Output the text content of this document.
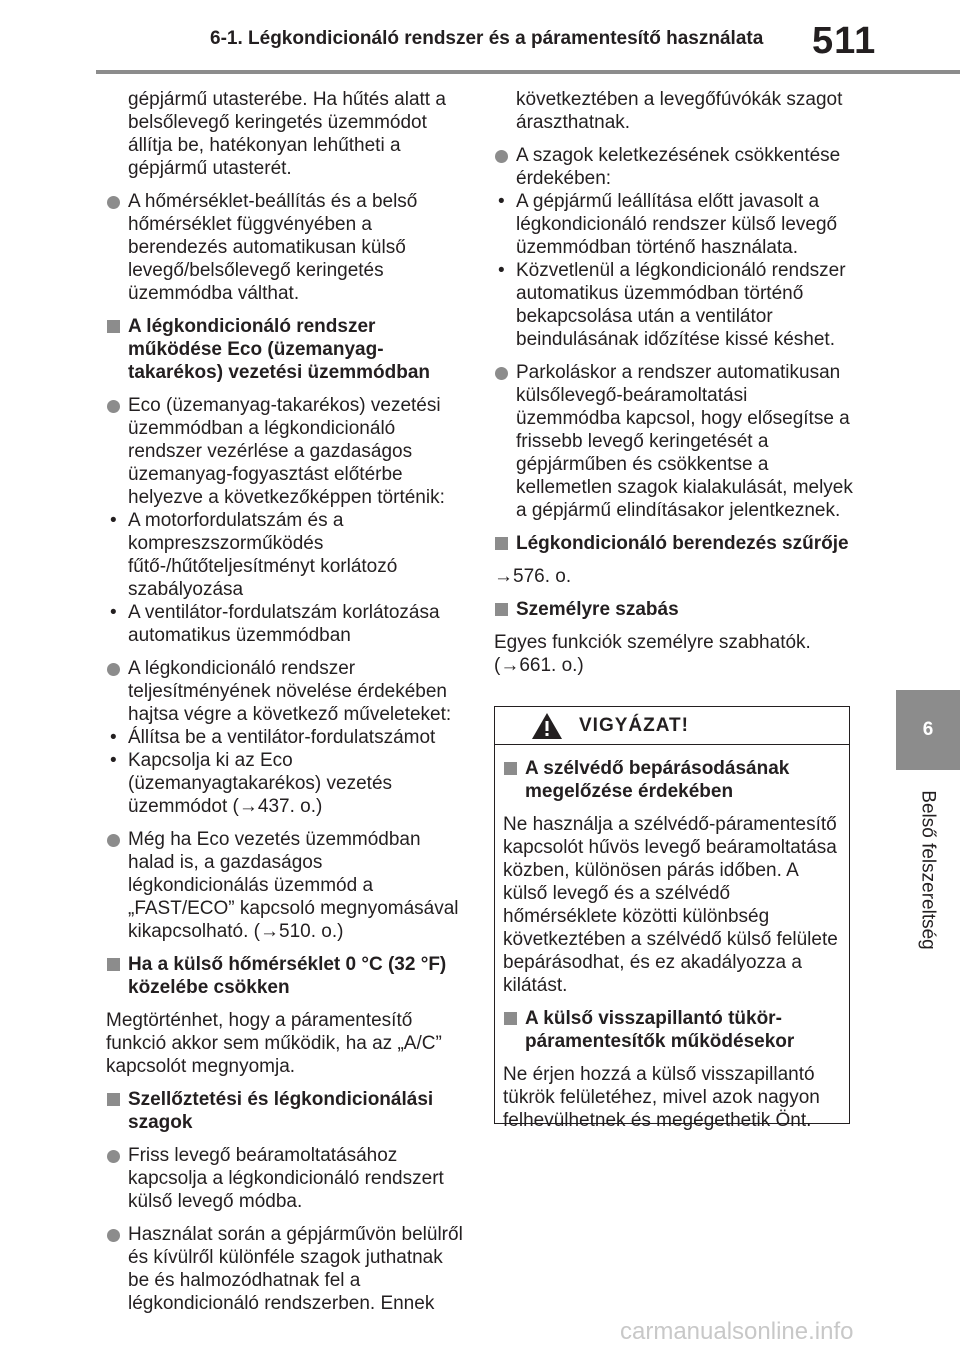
6-1. Légkondicionáló rendszer és a páramentesítő használata 511
6
Belső felszereltség

gépjármű utasterébe. Ha hűtés alatt a belsőlevegő keringetés üzemmódot állítja be, hatékonyan lehűtheti a gépjármű utasterét.

A hőmérséklet-beállítás és a belső hőmérséklet függvényében a berendezés automatikusan külső levegő/belsőlevegő keringetés üzemmódba válthat.

A légkondicionáló rendszer működése Eco (üzemanyag-takarékos) vezetési üzemmódban

Eco (üzemanyag-takarékos) vezetési üzemmódban a légkondicionáló rendszer vezérlése a gazdaságos üzemanyag-fogyasztást előtérbe helyezve a következőképpen történik:

• A motorfordulatszám és a kompreszszorműködés fűtő-/hűtőteljesítményt korlátozó szabályozása
• A ventilátor-fordulatszám korlátozása automatikus üzemmódban

A légkondicionáló rendszer teljesítményének növelése érdekében hajtsa végre a következő műveleteket:

• Állítsa be a ventilátor-fordulatszámot
• Kapcsolja ki az Eco (üzemanyagtakarékos) vezetés üzemmódot (→437. o.)

Még ha Eco vezetés üzemmódban halad is, a gazdaságos légkondicionálás üzemmód a „FAST/ECO” kapcsoló megnyomásával kikapcsolható. (→510. o.)

Ha a külső hőmérséklet 0 °C (32 °F) közelébe csökken

Megtörténhet, hogy a páramentesítő funkció akkor sem működik, ha az „A/C” kapcsolót megnyomja.

Szellőztetési és légkondicionálási szagok

Friss levegő beáramoltatásához kapcsolja a légkondicionáló rendszert külső levegő módba.

Használat során a gépjárművön belülről és kívülről különféle szagok juthatnak be és halmozódhatnak fel a légkondicionáló rendszerben. Ennek

következtében a levegőfúvókák szagot áraszthatnak.

A szagok keletkezésének csökkentése érdekében:

• A gépjármű leállítása előtt javasolt a légkondicionáló rendszer külső levegő üzemmódban történő használata.
• Közvetlenül a légkondicionáló rendszer automatikus üzemmódban történő bekapcsolása után a ventilátor beindulásának időzítése kissé késhet.

Parkoláskor a rendszer automatikusan külsőlevegő-beáramoltatási üzemmódba kapcsol, hogy elősegítse a frissebb levegő keringetését a gépjárműben és csökkentse a kellemetlen szagok kialakulását, melyek a gépjármű elindításakor jelentkeznek.

Légkondicionáló berendezés szűrője

→576. o.

Személyre szabás

Egyes funkciók személyre szabhatók. (→661. o.)

VIGYÁZAT!

A szélvédő bepárásodásának megelőzése érdekében

Ne használja a szélvédő-páramentesítő kapcsolót hűvös levegő beáramoltatása közben, különösen párás időben. A külső levegő és a szélvédő hőmérséklete közötti különbség következtében a szélvédő külső felülete bepárásodhat, és ez akadályozza a kilátást.

A külső visszapillantó tükör-páramentesítők működésekor

Ne érjen hozzá a külső visszapillantó tükrök felületéhez, mivel azok nagyon felhevülhetnek és megégethetik Önt.

carmanualsonline.info
